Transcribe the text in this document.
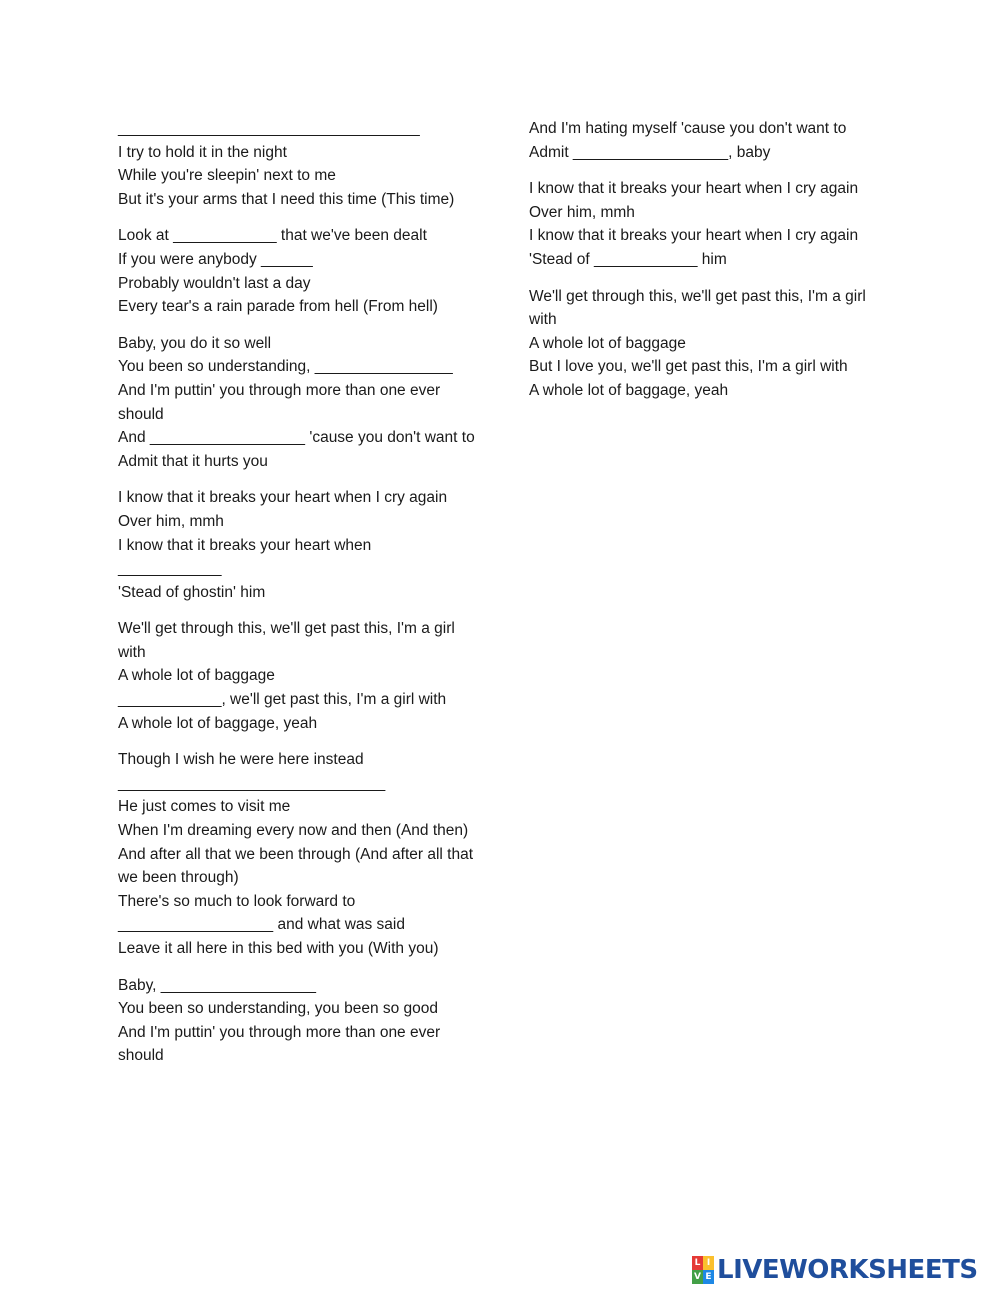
___________________________________

I try to hold it in the night

While you're sleepin' next to me

But it's your arms that I need this time (This time)

Look at ____________ that we've been dealt

If you were anybody ______

Probably wouldn't last a day

Every tear's a rain parade from hell (From hell)

Baby, you do it so well

You been so understanding, ________________

And I'm puttin' you through more than one ever should

And __________________ 'cause you don't want to

Admit that it hurts you

I know that it breaks your heart when I cry again

Over him, mmh

I know that it breaks your heart when

____________

'Stead of ghostin' him

We'll get through this, we'll get past this, I'm a girl with

A whole lot of baggage

____________, we'll get past this, I'm a girl with

A whole lot of baggage, yeah

Though I wish he were here instead

_______________________________

He just comes to visit me

When I'm dreaming every now and then (And then)

And after all that we been through (And after all that we been through)

There's so much to look forward to

__________________ and what was said

Leave it all here in this bed with you (With you)

Baby, __________________

You been so understanding, you been so good

And I'm puttin' you through more than one ever should

And I'm hating myself 'cause you don't want to

Admit __________________, baby

I know that it breaks your heart when I cry again

Over him, mmh

I know that it breaks your heart when I cry again

'Stead of ____________ him

We'll get through this, we'll get past this, I'm a girl with

A whole lot of baggage

But I love you, we'll get past this, I'm a girl with

A whole lot of baggage, yeah

L I
V E LIVEWORKSHEETS
